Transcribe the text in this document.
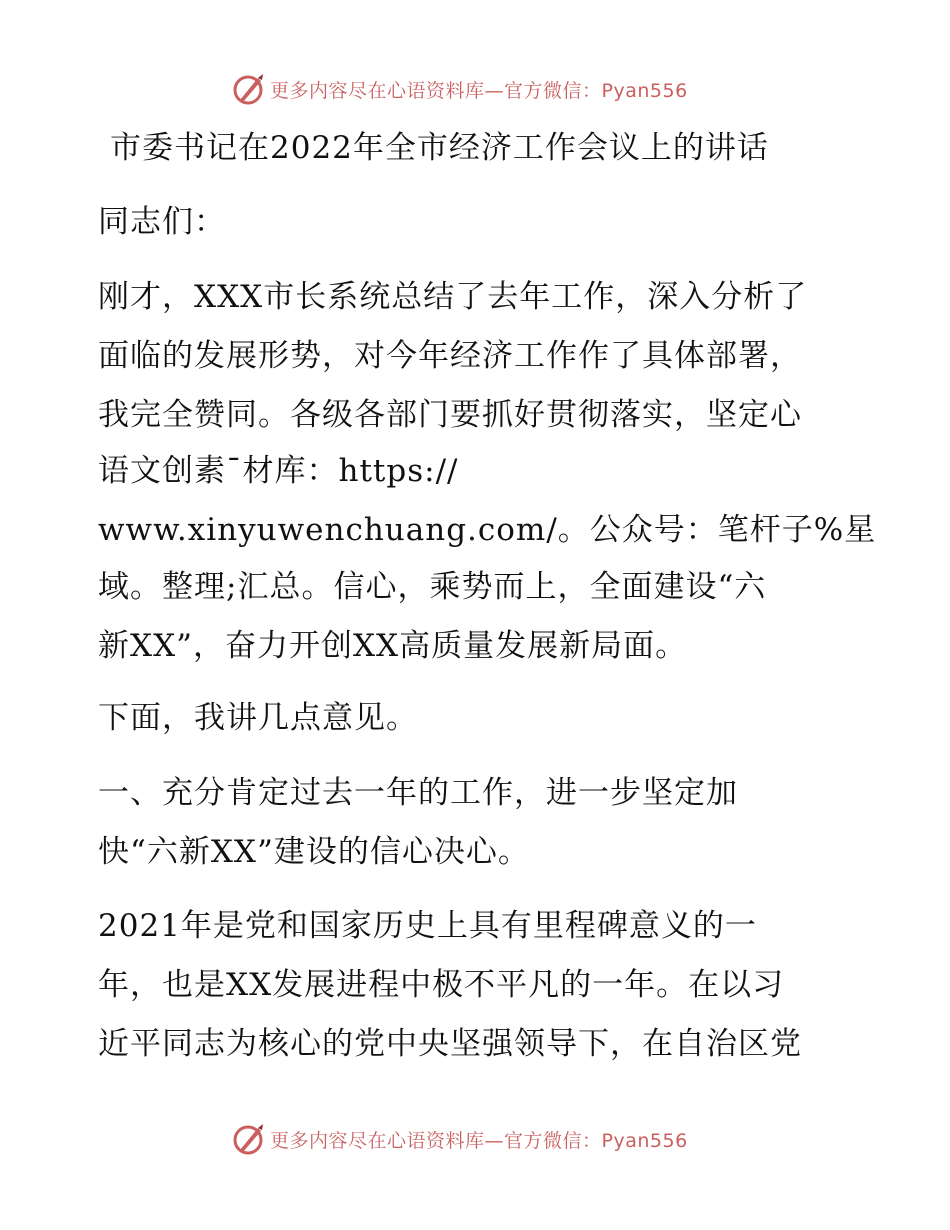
更多内容尽在心语资料库—官方微信：Pyan556
市委书记在2022年全市经济工作会议上的讲话
同志们：
刚才，XXX市长系统总结了去年工作，深入分析了
面临的发展形势，对今年经济工作作了具体部署，
我完全赞同。各级各部门要抓好贯彻落实，坚定心
语文创素¯材库：https://
www.xinyuwenchuang.com/。公众号：笔杆子%星
域。整理;汇总。信心，乘势而上，全面建设“六
新XX”，奋力开创XX高质量发展新局面。
下面，我讲几点意见。
一、充分肯定过去一年的工作，进一步坚定加
快“六新XX”建设的信心决心。
2021年是党和国家历史上具有里程碑意义的一
年，也是XX发展进程中极不平凡的一年。在以习
近平同志为核心的党中央坚强领导下，在自治区党
更多内容尽在心语资料库—官方微信：Pyan556
